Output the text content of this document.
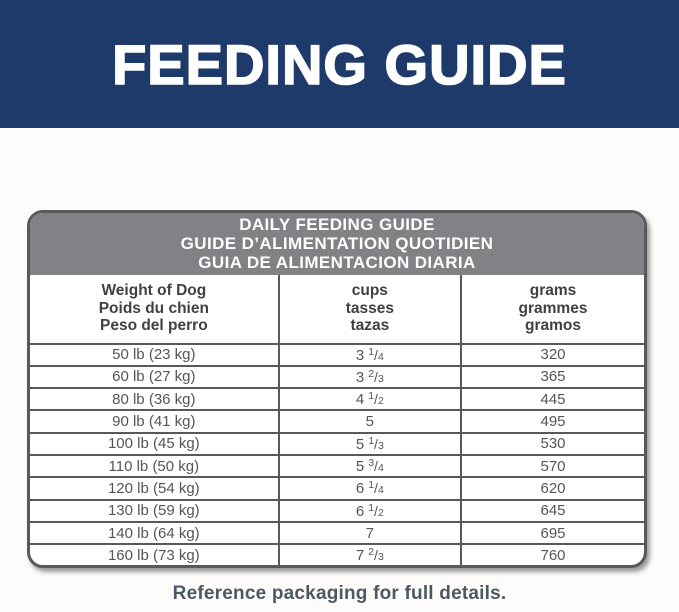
FEEDING GUIDE
DAILY FEEDING GUIDE
GUIDE D’ALIMENTATION QUOTIDIEN
GUIA DE ALIMENTACION DIARIA
Weight of Dog
Poids du chien
Peso del perro

cups
tasses
tazas

grams
grammes
gramos

50 lb (23 kg)	3 $^1$/4	320
60 lb (27 kg)	3 $^2$/3	365
80 lb (36 kg)	4 $^1$/2	445
90 lb (41 kg)	5	495
100 lb (45 kg)	5 $^1$/3	530
110 lb (50 kg)	5 $^3$/4	570
120 lb (54 kg)	6 $^1$/4	620
130 lb (59 kg)	6 $^1$/2	645
140 lb (64 kg)	7	695
160 lb (73 kg)	7 $^2$/3	760
Reference packaging for full details.
